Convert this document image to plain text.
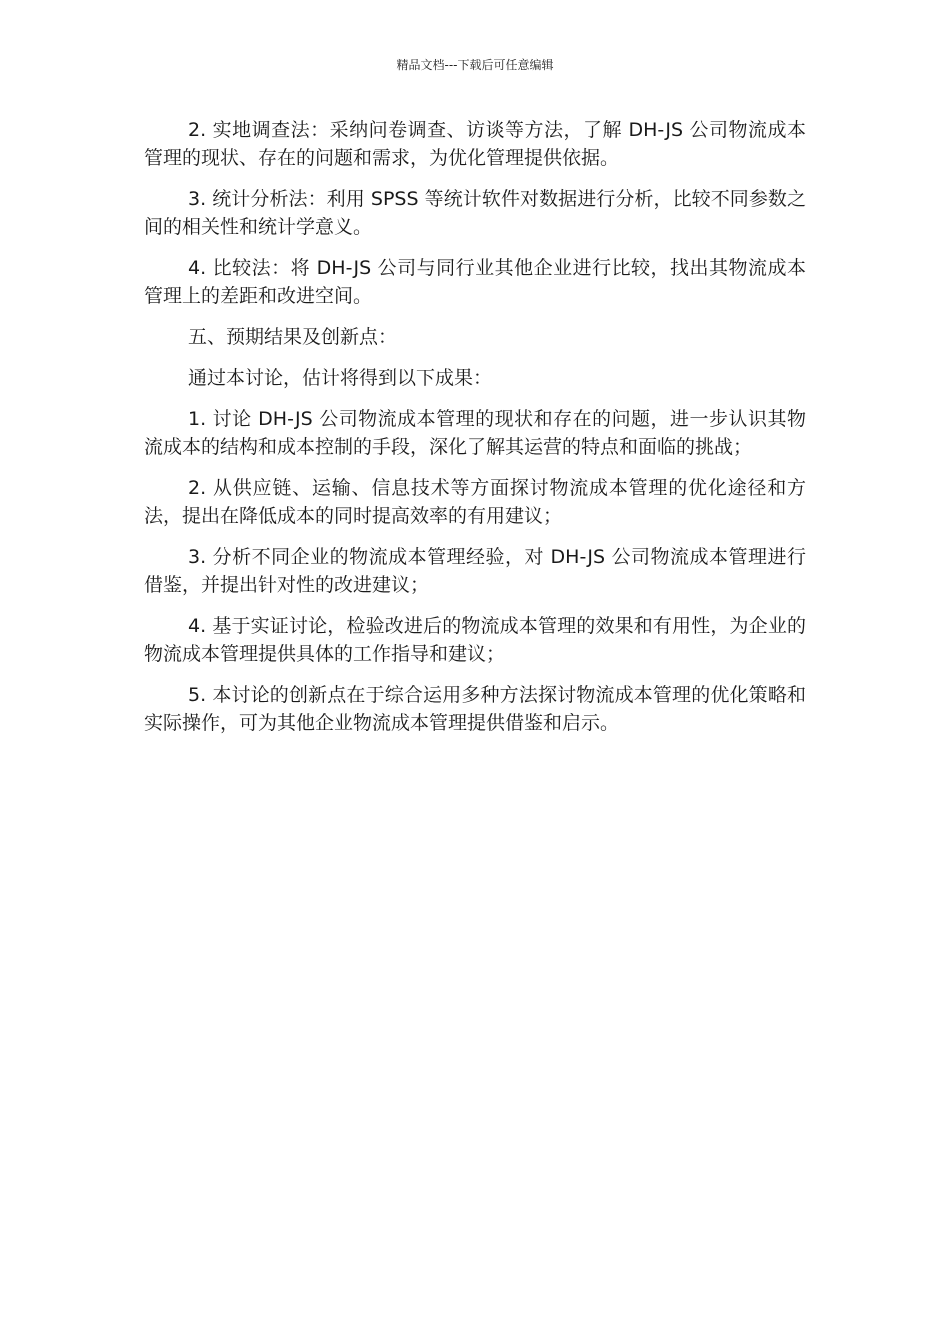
精品文档---下载后可任意编辑

2. 实地调查法：采纳问卷调查、访谈等方法，了解 DH-JS 公司物流成本管理的现状、存在的问题和需求，为优化管理提供依据。

3. 统计分析法：利用 SPSS 等统计软件对数据进行分析，比较不同参数之间的相关性和统计学意义。

4. 比较法：将 DH-JS 公司与同行业其他企业进行比较，找出其物流成本管理上的差距和改进空间。

五、预期结果及创新点：

通过本讨论，估计将得到以下成果：

1. 讨论 DH-JS 公司物流成本管理的现状和存在的问题，进一步认识其物流成本的结构和成本控制的手段，深化了解其运营的特点和面临的挑战；

2. 从供应链、运输、信息技术等方面探讨物流成本管理的优化途径和方法，提出在降低成本的同时提高效率的有用建议；

3. 分析不同企业的物流成本管理经验，对 DH-JS 公司物流成本管理进行借鉴，并提出针对性的改进建议；

4. 基于实证讨论，检验改进后的物流成本管理的效果和有用性，为企业的物流成本管理提供具体的工作指导和建议；

5. 本讨论的创新点在于综合运用多种方法探讨物流成本管理的优化策略和实际操作，可为其他企业物流成本管理提供借鉴和启示。
